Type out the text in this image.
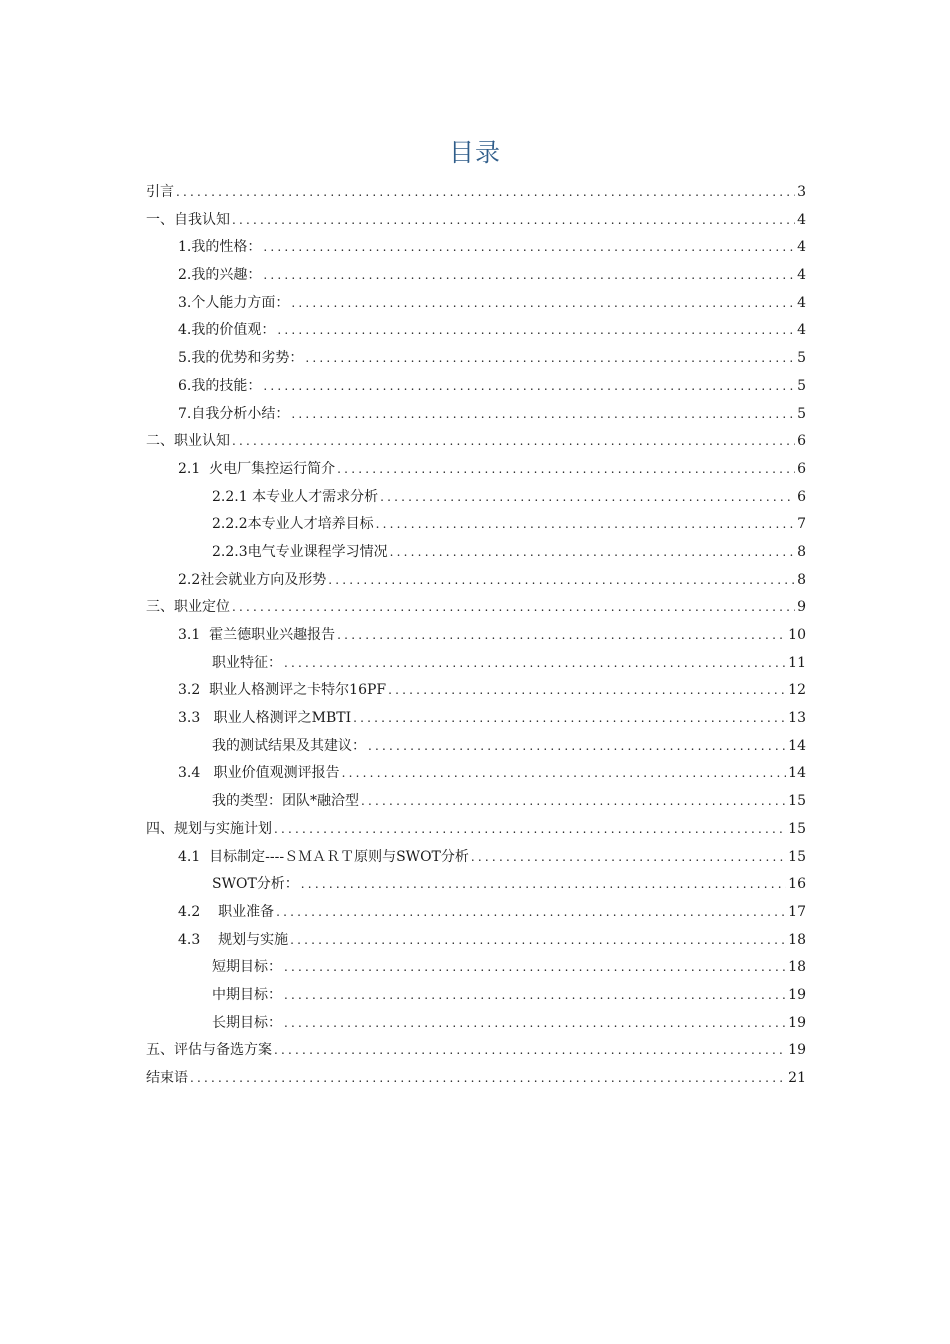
目录
引言 .....	3
一、自我认知 .....	4
1.我的性格： .....	4
2.我的兴趣： .....	4
3.个人能力方面： .....	4
4.我的价值观： .....	4
5.我的优势和劣势： .....	5
6.我的技能： .....	5
7.自我分析小结： .....	5
二、职业认知 .....	6
2.1  火电厂集控运行简介 .....	6
2.2.1 本专业人才需求分析 .....	6
2.2.2本专业人才培养目标 .....	7
2.2.3电气专业课程学习情况 .....	8
2.2社会就业方向及形势 .....	8
三、职业定位 .....	9
3.1  霍兰德职业兴趣报告 .....	10
职业特征： .....	11
3.2  职业人格测评之卡特尔16PF .....	12
3.3   职业人格测评之MBTI .....	13
我的测试结果及其建议： .....	14
3.4   职业价值观测评报告 .....	14
我的类型：团队*融洽型 .....	15
四、规划与实施计划 .....	15
4.1  目标制定----ＳＭＡＲＴ原则与SWOT分析 .....	15
SWOT分析： .....	16
4.2    职业准备 .....	17
4.3    规划与实施 .....	18
短期目标： .....	18
中期目标： .....	19
长期目标： .....	19
五、评估与备选方案 .....	19
结束语 .....	21
